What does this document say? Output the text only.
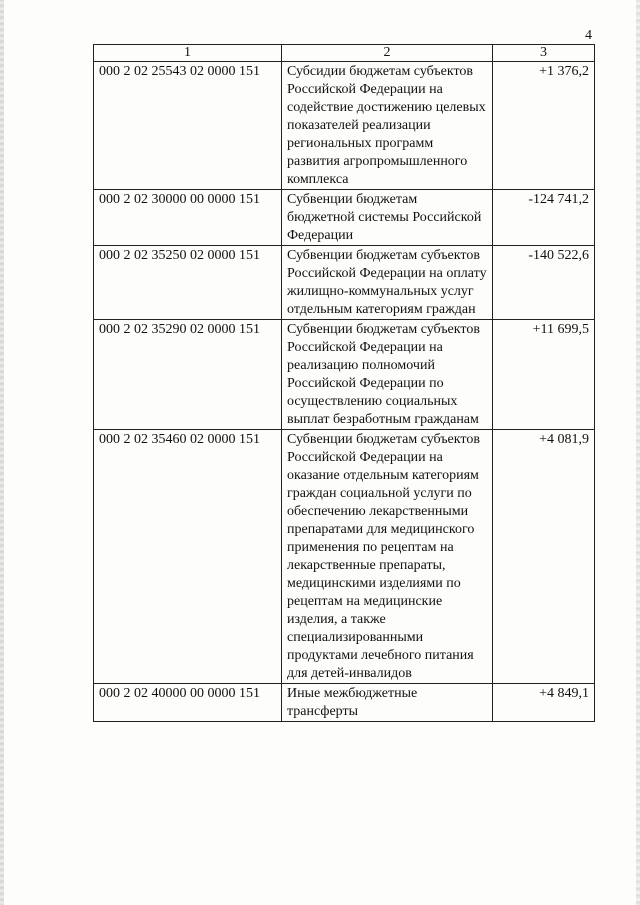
4
1	2	3
000 2 02 25543 02 0000 151	Субсидии бюджетам субъектов Российской Федерации на содействие достижению целевых показателей реализации региональных программ развития агропромышленного комплекса	+1 376,2
000 2 02 30000 00 0000 151	Субвенции бюджетам бюджетной системы Российской Федерации	-124 741,2
000 2 02 35250 02 0000 151	Субвенции бюджетам субъектов Российской Федерации на оплату жилищно-коммунальных услуг отдельным категориям граждан	-140 522,6
000 2 02 35290 02 0000 151	Субвенции бюджетам субъектов Российской Федерации на реализацию полномочий Российской Федерации по осуществлению социальных выплат безработным гражданам	+11 699,5
000 2 02 35460 02 0000 151	Субвенции бюджетам субъектов Российской Федерации на оказание отдельным категориям граждан социальной услуги по обеспечению лекарственными препаратами для медицинского применения по рецептам на лекарственные препараты, медицинскими изделиями по рецептам на медицинские изделия, а также специализированными продуктами лечебного питания для детей-инвалидов	+4 081,9
000 2 02 40000 00 0000 151	Иные межбюджетные трансферты	+4 849,1
